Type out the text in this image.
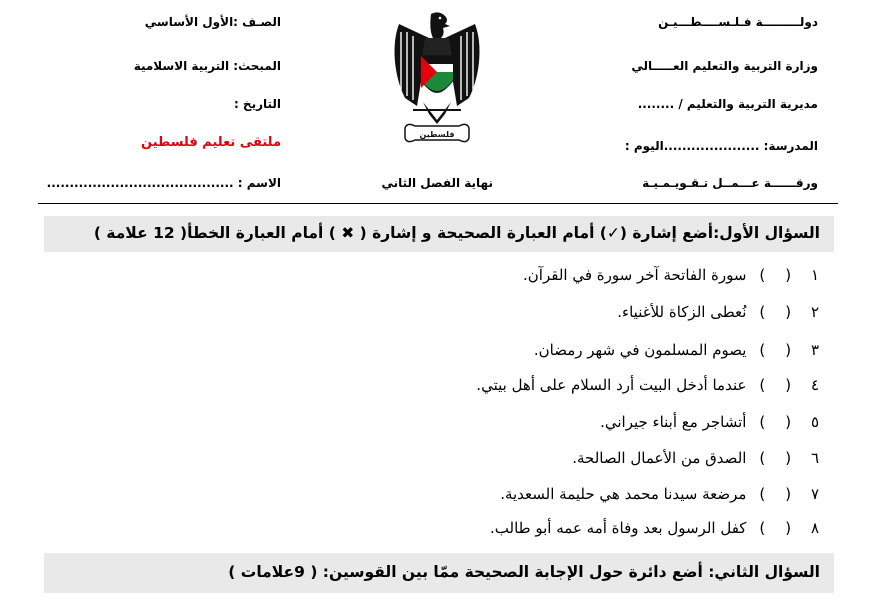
دولـــــــــة فـلـســــطـــيـن
وزارة التربية والتعليم العـــــالي
مديرية التربية والتعليم / ........
المدرسة: .....................اليوم :
ورقــــــة عـــمــل تـقـويـمـيـة
الصـف :الأول الأساسي
المبحث: التربية الاسلامية
التاريخ :
ملتقى تعليم فلسطين
الاسم : .........................................	نهاية الفصل الثاني
فلسطين
السؤال الأول:أضع إشارة (✓) أمام العبارة الصحيحة و إشارة ( ✖ ) أمام العبارة الخطأ( 12 علامة )
١ () سورة الفاتحة آخر سورة في القرآن.
٢ () نُعطى الزكاة للأغنياء.
٣ () يصوم المسلمون في شهر رمضان.
٤ () عندما أدخل البيت أرد السلام على أهل بيتي.
٥ () أتشاجر مع أبناء جيراني.
٦ () الصدق من الأعمال الصالحة.
٧ () مرضعة سيدنا محمد هي حليمة السعدية.
٨ () كفل الرسول بعد وفاة أمه عمه أبو طالب.
السؤال الثاني: أضع دائرة حول الإجابة الصحيحة ممّا بين القوسين: ( 9علامات )
